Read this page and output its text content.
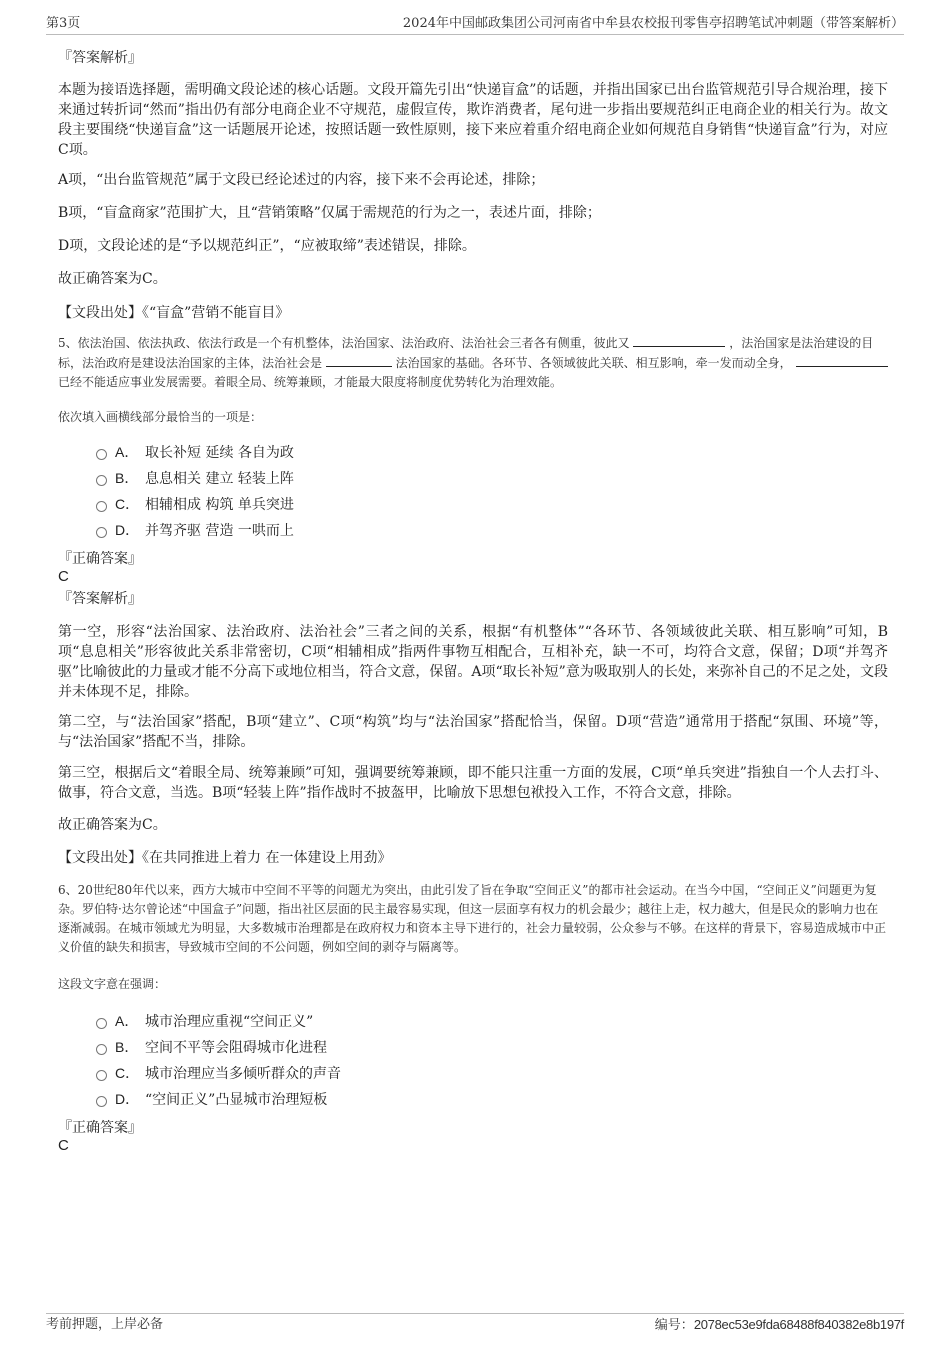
第3页	2024年中国邮政集团公司河南省中牟县农校报刊零售亭招聘笔试冲刺题（带答案解析）
『答案解析』
本题为接语选择题，需明确文段论述的核心话题。文段开篇先引出“快递盲盒”的话题，并指出国家已出台监管规范引导合规治理，接下来通过转折词“然而”指出仍有部分电商企业不守规范，虚假宣传，欺诈消费者，尾句进一步指出要规范纠正电商企业的相关行为。故文段主要围绕“快递盲盒”这一话题展开论述，按照话题一致性原则，接下来应着重介绍电商企业如何规范自身销售“快递盲盒”行为，对应C项。
A项，“出台监管规范”属于文段已经论述过的内容，接下来不会再论述，排除；
B项，“盲盒商家”范围扩大，且“营销策略”仅属于需规范的行为之一，表述片面，排除；
D项，文段论述的是“予以规范纠正”，“应被取缔”表述错误，排除。
故正确答案为C。
【文段出处】《“盲盒”营销不能盲目》
5、依法治国、依法执政、依法行政是一个有机整体，法治国家、法治政府、法治社会三者各有侧重，彼此又	，法治国家是法治建设的目标，法治政府是建设法治国家的主体，法治社会是	法治国家的基础。各环节、各领域彼此关联、相互影响，牵一发而动全身，  已经不能适应事业发展需要。着眼全局、统筹兼顾，才能最大限度将制度优势转化为治理效能。
依次填入画横线部分最恰当的一项是：
A． 取长补短 延续 各自为政
B． 息息相关 建立 轻装上阵
C． 相辅相成 构筑 单兵突进
D． 并驾齐驱 营造 一哄而上
『正确答案』
C
『答案解析』
第一空，形容“法治国家、法治政府、法治社会”三者之间的关系，根据“有机整体”“各环节、各领域彼此关联、相互影响”可知，B项“息息相关”形容彼此关系非常密切，C项“相辅相成”指两件事物互相配合，互相补充，缺一不可，均符合文意，保留；D项“并驾齐驱”比喻彼此的力量或才能不分高下或地位相当，符合文意，保留。A项“取长补短”意为吸取别人的长处，来弥补自己的不足之处，文段并未体现不足，排除。
第二空，与“法治国家”搭配，B项“建立”、C项“构筑”均与“法治国家”搭配恰当，保留。D项“营造”通常用于搭配“氛围、环境”等，与“法治国家”搭配不当，排除。
第三空，根据后文“着眼全局、统筹兼顾”可知，强调要统筹兼顾，即不能只注重一方面的发展，C项“单兵突进”指独自一个人去打斗、做事，符合文意，当选。B项“轻装上阵”指作战时不披盔甲，比喻放下思想包袱投入工作，不符合文意，排除。
故正确答案为C。
【文段出处】《在共同推进上着力 在一体建设上用劲》
6、20世纪80年代以来，西方大城市中空间不平等的问题尤为突出，由此引发了旨在争取“空间正义”的都市社会运动。在当今中国，“空间正义”问题更为复杂。罗伯特·达尔曾论述“中国盒子”问题，指出社区层面的民主最容易实现，但这一层面享有权力的机会最少；越往上走，权力越大，但是民众的影响力也在逐渐减弱。在城市领域尤为明显，大多数城市治理都是在政府权力和资本主导下进行的，社会力量较弱，公众参与不够。在这样的背景下，容易造成城市中正义价值的缺失和损害，导致城市空间的不公问题，例如空间的剥夺与隔离等。
这段文字意在强调：
A． 城市治理应重视“空间正义”
B． 空间不平等会阻碍城市化进程
C． 城市治理应当多倾听群众的声音
D． “空间正义”凸显城市治理短板
『正确答案』
C
考前押题，上岸必备	编号：2078ec53e9fda68488f840382e8b197f
